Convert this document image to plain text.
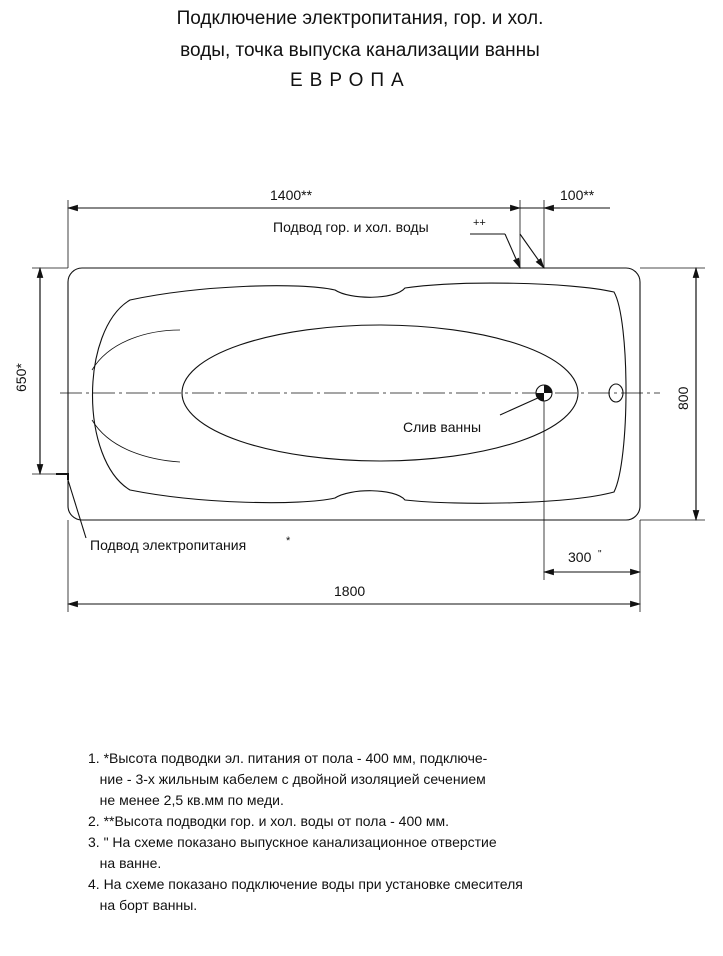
Подключение электропитания, гор. и хол.
воды, точка выпуска канализации ванны
ЕВРОПА
1400**	100**
Подвод гор. и хол. воды	++
650*
800
Слив ванны
Подвод электропитания	*
300 "
1800
1. *Высота подводки эл. питания от пола - 400 мм, подключе-
ние - 3-х жильным кабелем с двойной изоляцией сечением
не менее 2,5 кв.мм по меди.
2. **Высота подводки гор. и хол. воды от пола - 400 мм.
3. " На схеме показано выпускное канализационное отверстие
на ванне.
4. На схеме показано подключение воды при установке смесителя
на борт ванны.
